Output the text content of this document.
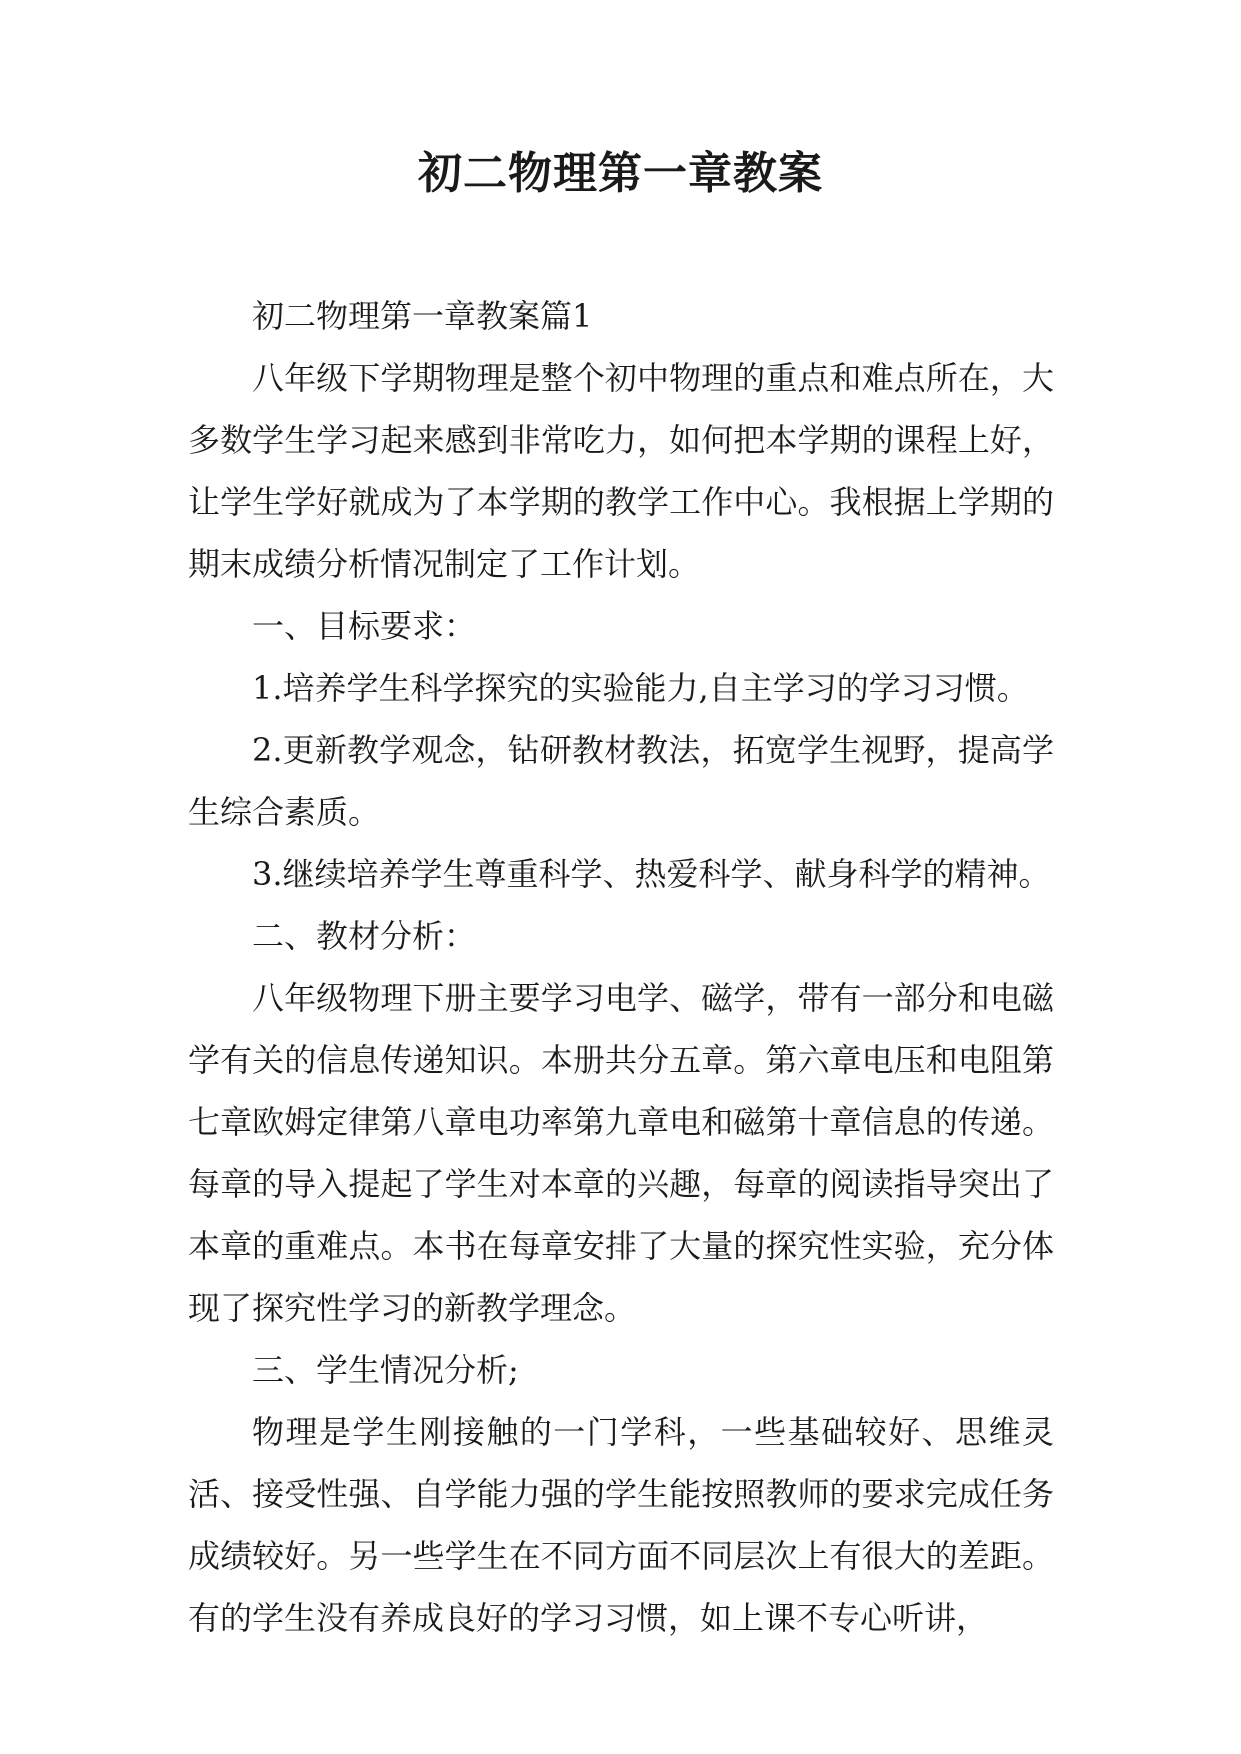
初二物理第一章教案

初二物理第一章教案篇1

八年级下学期物理是整个初中物理的重点和难点所在，大多数学生学习起来感到非常吃力，如何把本学期的课程上好，让学生学好就成为了本学期的教学工作中心。我根据上学期的期末成绩分析情况制定了工作计划。

一、目标要求：

1.培养学生科学探究的实验能力,自主学习的学习习惯。

2.更新教学观念，钻研教材教法，拓宽学生视野，提高学生综合素质。

3.继续培养学生尊重科学、热爱科学、献身科学的精神。

二、教材分析：

八年级物理下册主要学习电学、磁学，带有一部分和电磁学有关的信息传递知识。本册共分五章。第六章电压和电阻第七章欧姆定律第八章电功率第九章电和磁第十章信息的传递。每章的导入提起了学生对本章的兴趣，每章的阅读指导突出了本章的重难点。本书在每章安排了大量的探究性实验，充分体现了探究性学习的新教学理念。

三、学生情况分析;

物理是学生刚接触的一门学科，一些基础较好、思维灵活、接受性强、自学能力强的学生能按照教师的要求完成任务成绩较好。另一些学生在不同方面不同层次上有很大的差距。有的学生没有养成良好的学习习惯，如上课不专心听讲，
